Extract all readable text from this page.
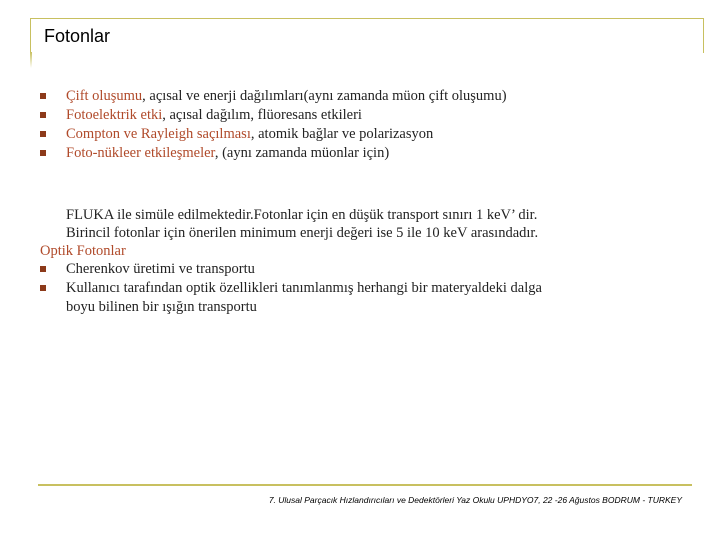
Fotonlar
Çift oluşumu, açısal ve enerji dağılımları(aynı zamanda müon çift oluşumu)
Fotoelektrik etki, açısal dağılım, flüoresans etkileri
Compton ve Rayleigh saçılması, atomik bağlar ve polarizasyon
Foto-nükleer etkileşmeler, (aynı zamanda müonlar için)
FLUKA ile simüle edilmektedir.Fotonlar için en düşük transport sınırı 1 keV’ dir.
Birincil fotonlar için önerilen minimum enerji değeri ise 5 ile 10 keV arasındadır.
Optik Fotonlar
Cherenkov üretimi ve transportu
Kullanıcı tarafından optik özellikleri tanımlanmış herhangi bir materyaldeki dalga
boyu bilinen bir ışığın transportu
7. Ulusal Parçacık Hızlandırıcıları ve Dedektörleri Yaz Okulu UPHDYO7, 22 -26 Ağustos BODRUM - TURKEY
